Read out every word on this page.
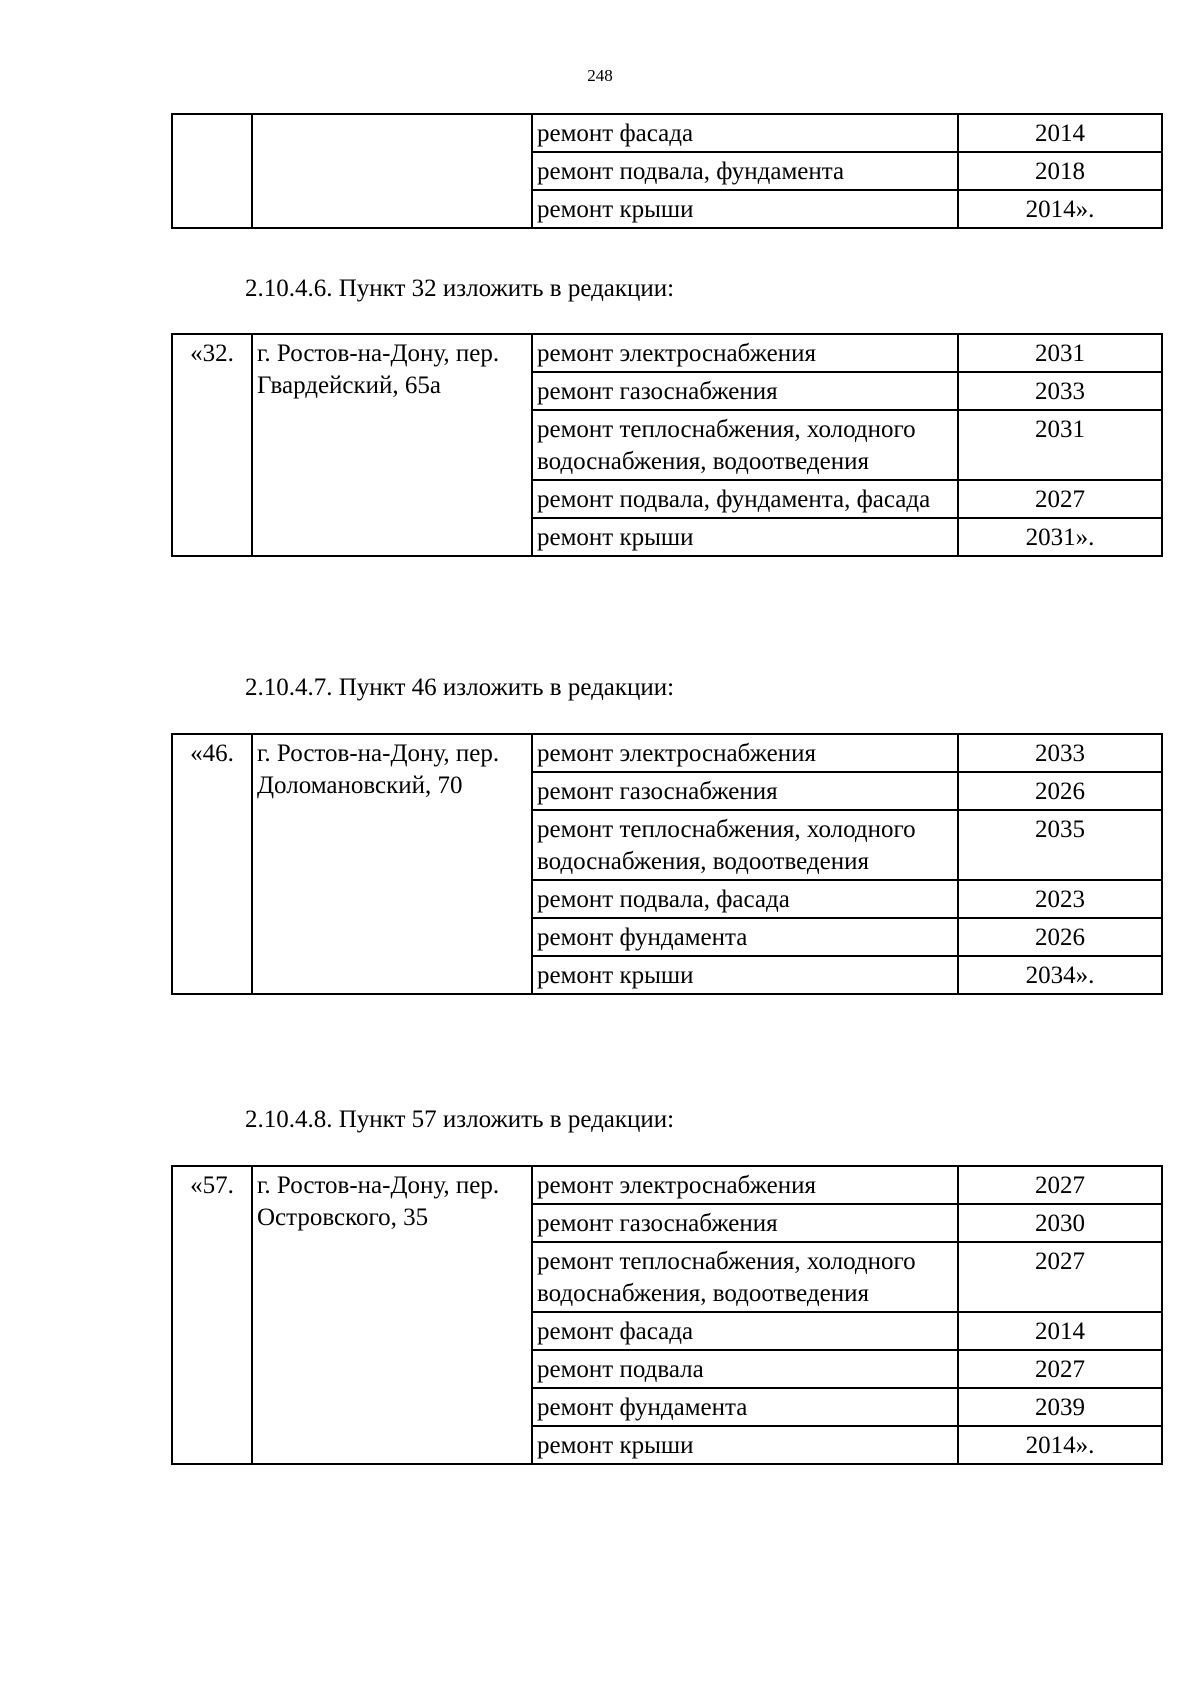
248
		ремонт фасада	2014
		ремонт подвала, фундамента	2018
		ремонт крыши	2014».
2.10.4.6. Пункт 32 изложить в редакции:
«32.	г. Ростов-на-Дону, пер. Гвардейский, 65а	ремонт электроснабжения	2031
		ремонт газоснабжения	2033
		ремонт теплоснабжения, холодного водоснабжения, водоотведения	2031
		ремонт подвала, фундамента, фасада	2027
		ремонт крыши	2031».
2.10.4.7. Пункт 46 изложить в редакции:
«46.	г. Ростов-на-Дону, пер. Доломановский, 70	ремонт электроснабжения	2033
		ремонт газоснабжения	2026
		ремонт теплоснабжения, холодного водоснабжения, водоотведения	2035
		ремонт подвала, фасада	2023
		ремонт фундамента	2026
		ремонт крыши	2034».
2.10.4.8. Пункт 57 изложить в редакции:
«57.	г. Ростов-на-Дону, пер. Островского, 35	ремонт электроснабжения	2027
		ремонт газоснабжения	2030
		ремонт теплоснабжения, холодного водоснабжения, водоотведения	2027
		ремонт фасада	2014
		ремонт подвала	2027
		ремонт фундамента	2039
		ремонт крыши	2014».
